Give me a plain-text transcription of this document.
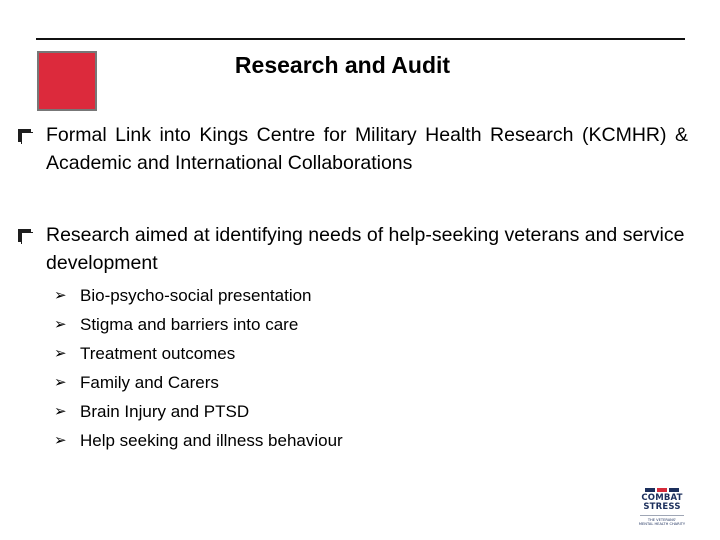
Research and Audit
Formal Link into Kings Centre for Military Health Research (KCMHR) & Academic and International Collaborations
Research aimed at identifying needs of help-seeking veterans and service development
➢ Bio-psycho-social presentation
➢ Stigma and barriers into care
➢ Treatment outcomes
➢ Family and Carers
➢ Brain Injury and PTSD
➢ Help seeking and illness behaviour
COMBAT
STRESS
THE VETERANS'
MENTAL HEALTH CHARITY
